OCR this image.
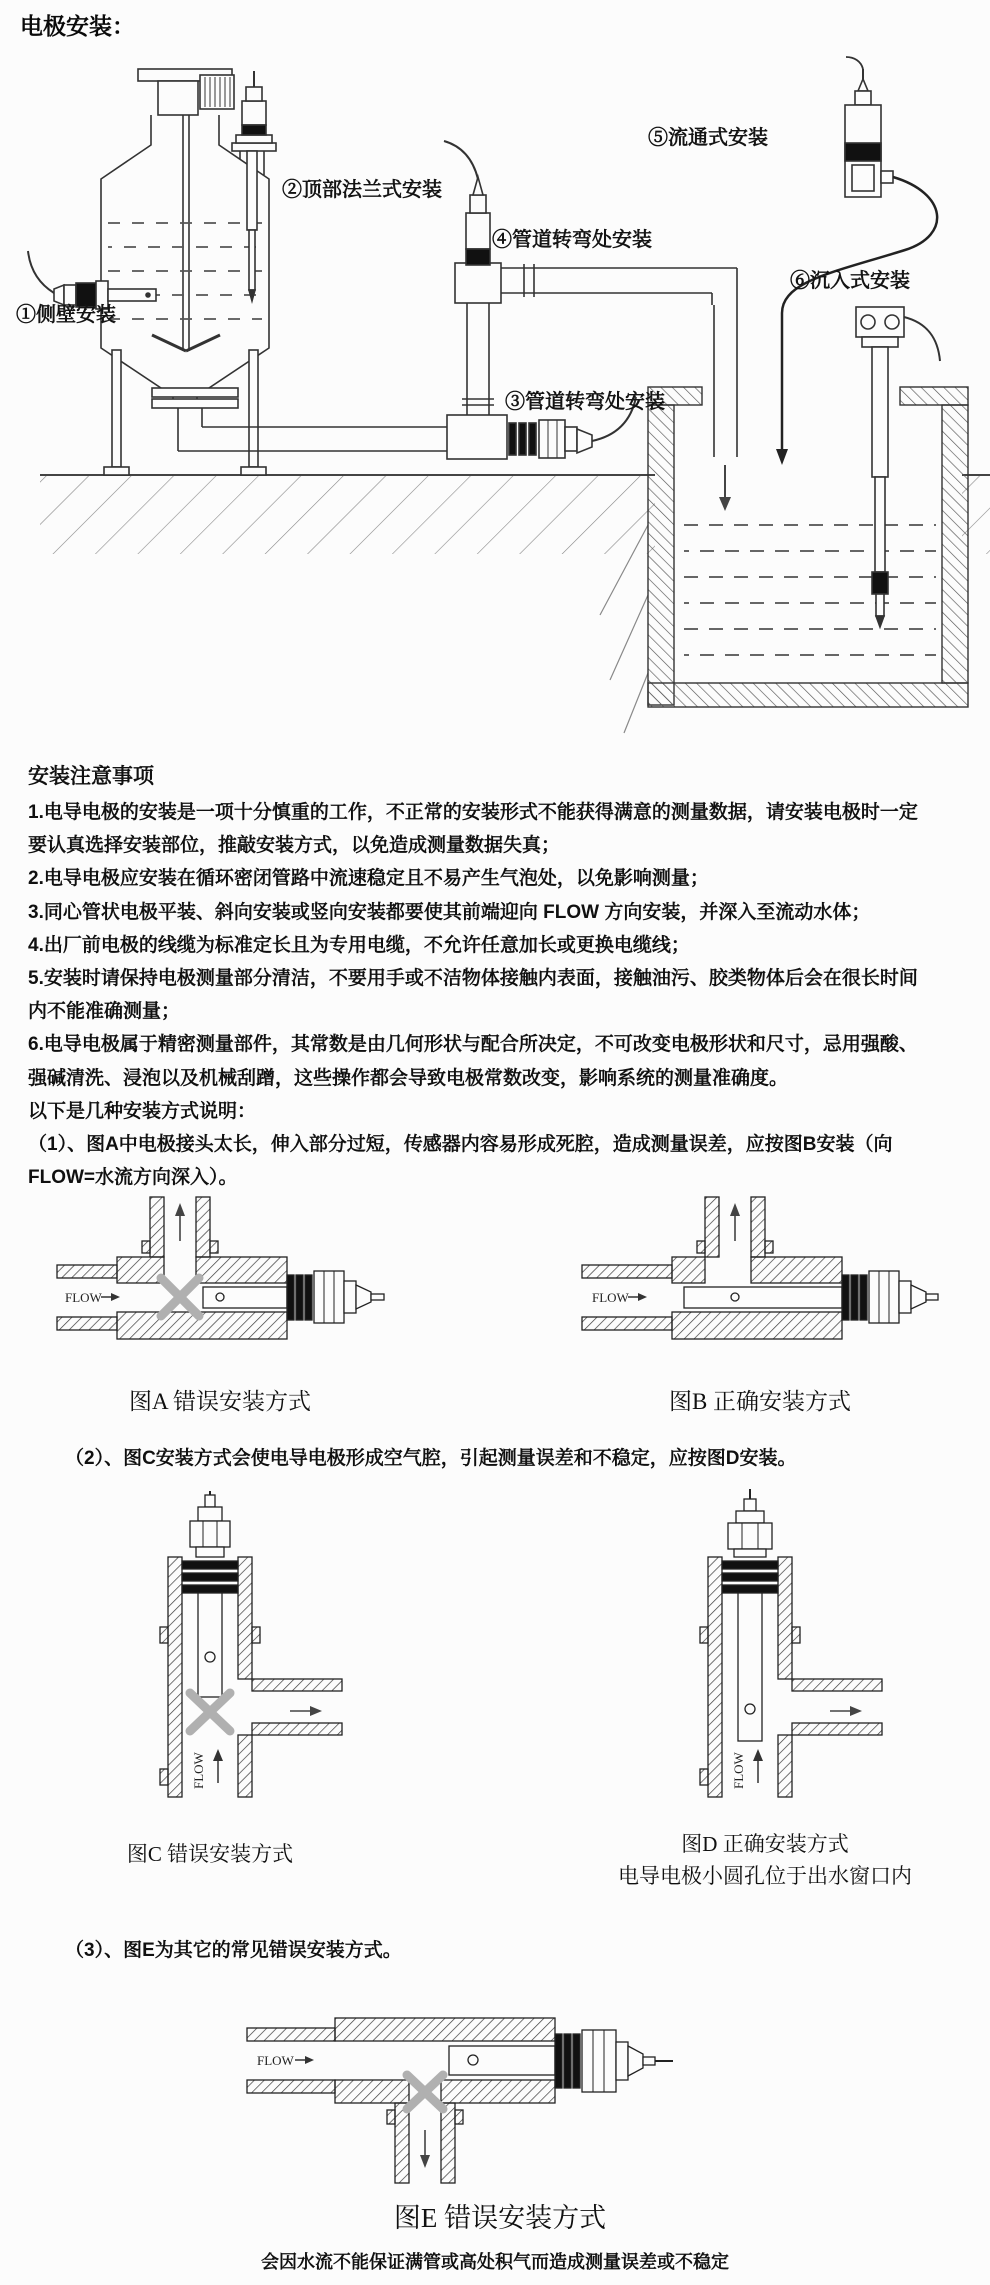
电极安装：
①侧壁安装
②顶部法兰式安装
③管道转弯处安装
④管道转弯处安装
⑤流通式安装
⑥沉入式安装
安装注意事项
1.电导电极的安装是一项十分慎重的工作，不正常的安装形式不能获得满意的测量数据，请安装电极时一定
要认真选择安装部位，推敲安装方式，以免造成测量数据失真；
2.电导电极应安装在循环密闭管路中流速稳定且不易产生气泡处，以免影响测量；
3.同心管状电极平装、斜向安装或竖向安装都要使其前端迎向 FLOW 方向安装，并深入至流动水体；
4.出厂前电极的线缆为标准定长且为专用电缆，不允许任意加长或更换电缆线；
5.安装时请保持电极测量部分清洁，不要用手或不洁物体接触内表面，接触油污、胶类物体后会在很长时间
内不能准确测量；
6.电导电极属于精密测量部件，其常数是由几何形状与配合所决定，不可改变电极形状和尺寸，忌用强酸、
强碱清洗、浸泡以及机械刮蹭，这些操作都会导致电极常数改变，影响系统的测量准确度。
以下是几种安装方式说明：
（1）、图A中电极接头太长，伸入部分过短，传感器内容易形成死腔，造成测量误差，应按图B安装（向
FLOW=水流方向深入）。
FLOW
图A 错误安装方式
FLOW
图B 正确安装方式
（2）、图C安装方式会使电导电极形成空气腔，引起测量误差和不稳定，应按图D安装。
FLOW
图C 错误安装方式
FLOW
图D 正确安装方式
电导电极小圆孔位于出水窗口内
（3）、图E为其它的常见错误安装方式。
FLOW
图E 错误安装方式
会因水流不能保证满管或高处积气而造成测量误差或不稳定
